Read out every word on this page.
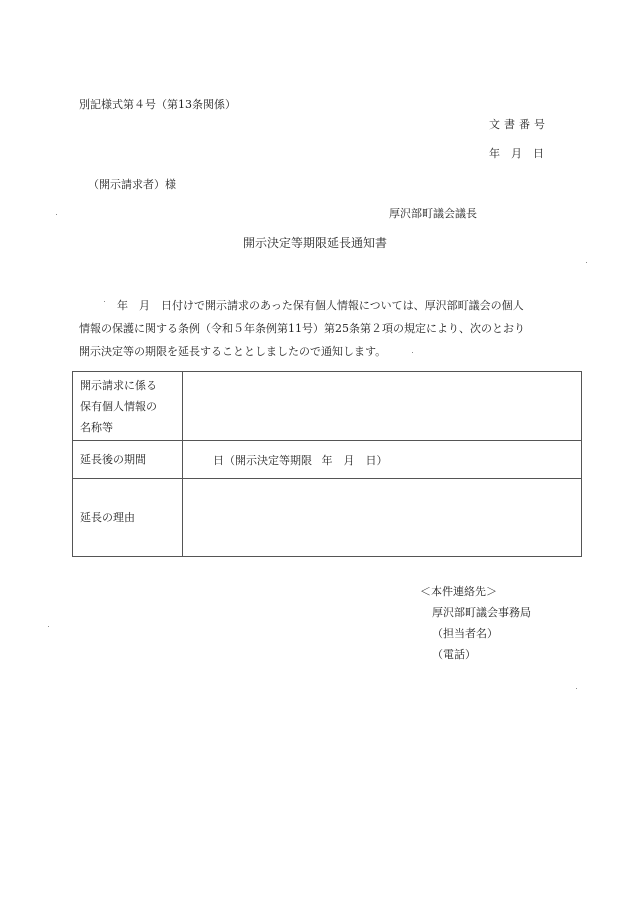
別記様式第４号（第13条関係）
文書番号
年　月　日
（開示請求者）様
厚沢部町議会議長
開示決定等期限延長通知書
年　月　日付けで開示請求のあった保有個人情報については、厚沢部町議会の個人
情報の保護に関する条例（令和５年条例第11号）第25条第２項の規定により、次のとおり
開示決定等の期限を延長することとしましたので通知します。
開示請求に係る
保有個人情報の
名称等	

延長後の期間	日（開示決定等期限 年　月　日）
延長の理由	
＜本件連絡先＞
厚沢部町議会事務局
（担当者名）
（電話）
